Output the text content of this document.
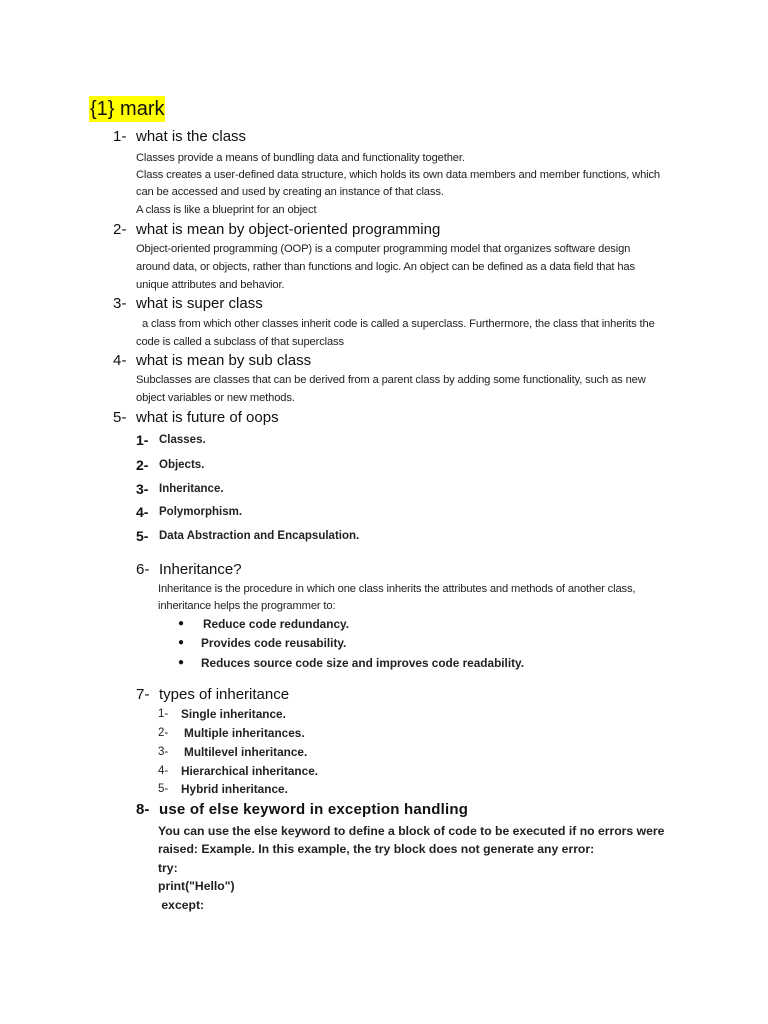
{1} mark
1- what is the class
Classes provide a means of bundling data and functionality together.
Class creates a user-defined data structure, which holds its own data members and member functions, which
can be accessed and used by creating an instance of that class.
A class is like a blueprint for an object
2- what is mean by object-oriented programming
Object-oriented programming (OOP) is a computer programming model that organizes software design
around data, or objects, rather than functions and logic. An object can be defined as a data field that has
unique attributes and behavior.
3- what is super class
a class from which other classes inherit code is called a superclass. Furthermore, the class that inherits the
code is called a subclass of that superclass
4- what is mean by sub class
Subclasses are classes that can be derived from a parent class by adding some functionality, such as new
object variables or new methods.
5- what is future of oops
1- Classes.
2- Objects.
3- Inheritance.
4- Polymorphism.
5- Data Abstraction and Encapsulation.
6- Inheritance?
Inheritance is the procedure in which one class inherits the attributes and methods of another class,
inheritance helps the programmer to:
● Reduce code redundancy.
● Provides code reusability.
● Reduces source code size and improves code readability.
7- types of inheritance
1- Single inheritance.
2- Multiple inheritances.
3- Multilevel inheritance.
4- Hierarchical inheritance.
5- Hybrid inheritance.
8- use of else keyword in exception handling
You can use the else keyword to define a block of code to be executed if no errors were
raised: Example. In this example, the try block does not generate any error:
try:
print("Hello")
except:
